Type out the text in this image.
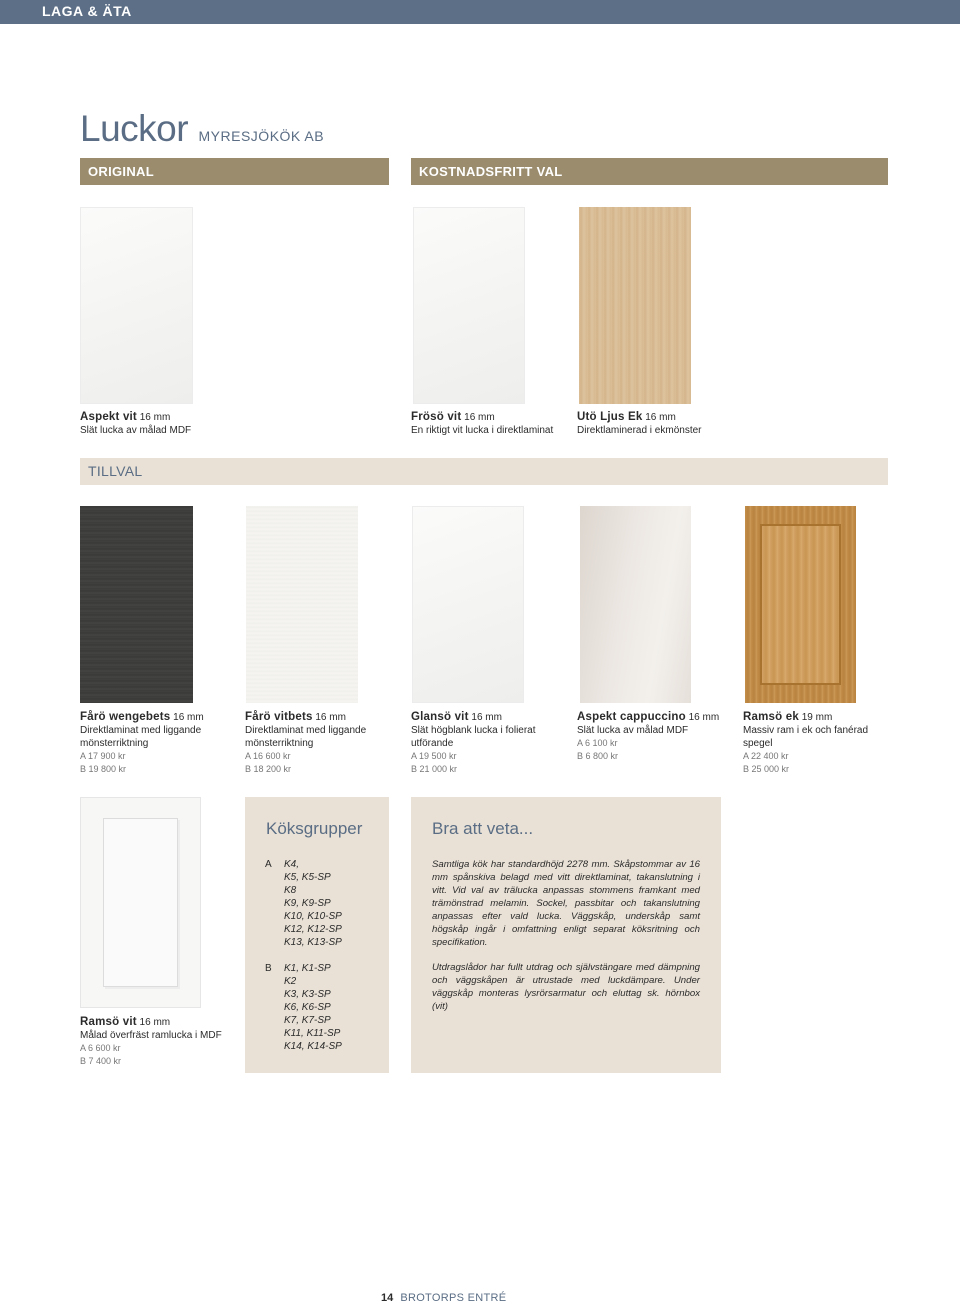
LAGA & ÄTA
Luckor MYRESJÖKÖK AB
ORIGINAL	KOSTNADSFRITT VAL
Aspekt vit 16 mm
Slät lucka av målad MDF
Frösö vit 16 mm
En riktigt vit lucka i direktlaminat
Utö Ljus Ek 16 mm
Direktlaminerad i ekmönster
TILLVAL
Fårö wengebets 16 mm
Direktlaminat med liggande mönsterriktning
A 17 900 kr
B 19 800 kr
Fårö vitbets 16 mm
Direktlaminat med liggande mönsterriktning
A 16 600 kr
B 18 200 kr
Glansö vit 16 mm
Slät högblank lucka i folierat utförande
A 19 500 kr
B 21 000 kr
Aspekt cappuccino 16 mm
Slät lucka av målad MDF
A 6 100 kr
B 6 800 kr
Ramsö ek 19 mm
Massiv ram i ek och fanérad spegel
A 22 400 kr
B 25 000 kr
Ramsö vit 16 mm
Målad överfräst ramlucka i MDF
A 6 600 kr
B 7 400 kr
Köksgrupper
A K4,
K5, K5-SP
K8
K9, K9-SP
K10, K10-SP
K12, K12-SP
K13, K13-SP
B K1, K1-SP
K2
K3, K3-SP
K6, K6-SP
K7, K7-SP
K11, K11-SP
K14, K14-SP
Bra att veta...

Samtliga kök har standardhöjd 2278 mm. Skåpstommar av 16 mm spånskiva belagd med vitt direktlaminat, takanslutning i vitt. Vid val av trälucka anpassas stommens framkant med trämönstrad melamin. Sockel, passbitar och takanslutning anpassas efter vald lucka. Väggskåp, underskåp samt högskåp ingår i omfattning enligt separat köksritning och specifikation.

Utdragslådor har fullt utdrag och självstängare med dämpning och väggskåpen är utrustade med luckdämpare. Under väggskåp monteras lysrörsarmatur och eluttag sk. hörnbox (vit)

14 BROTORPS ENTRÉ
